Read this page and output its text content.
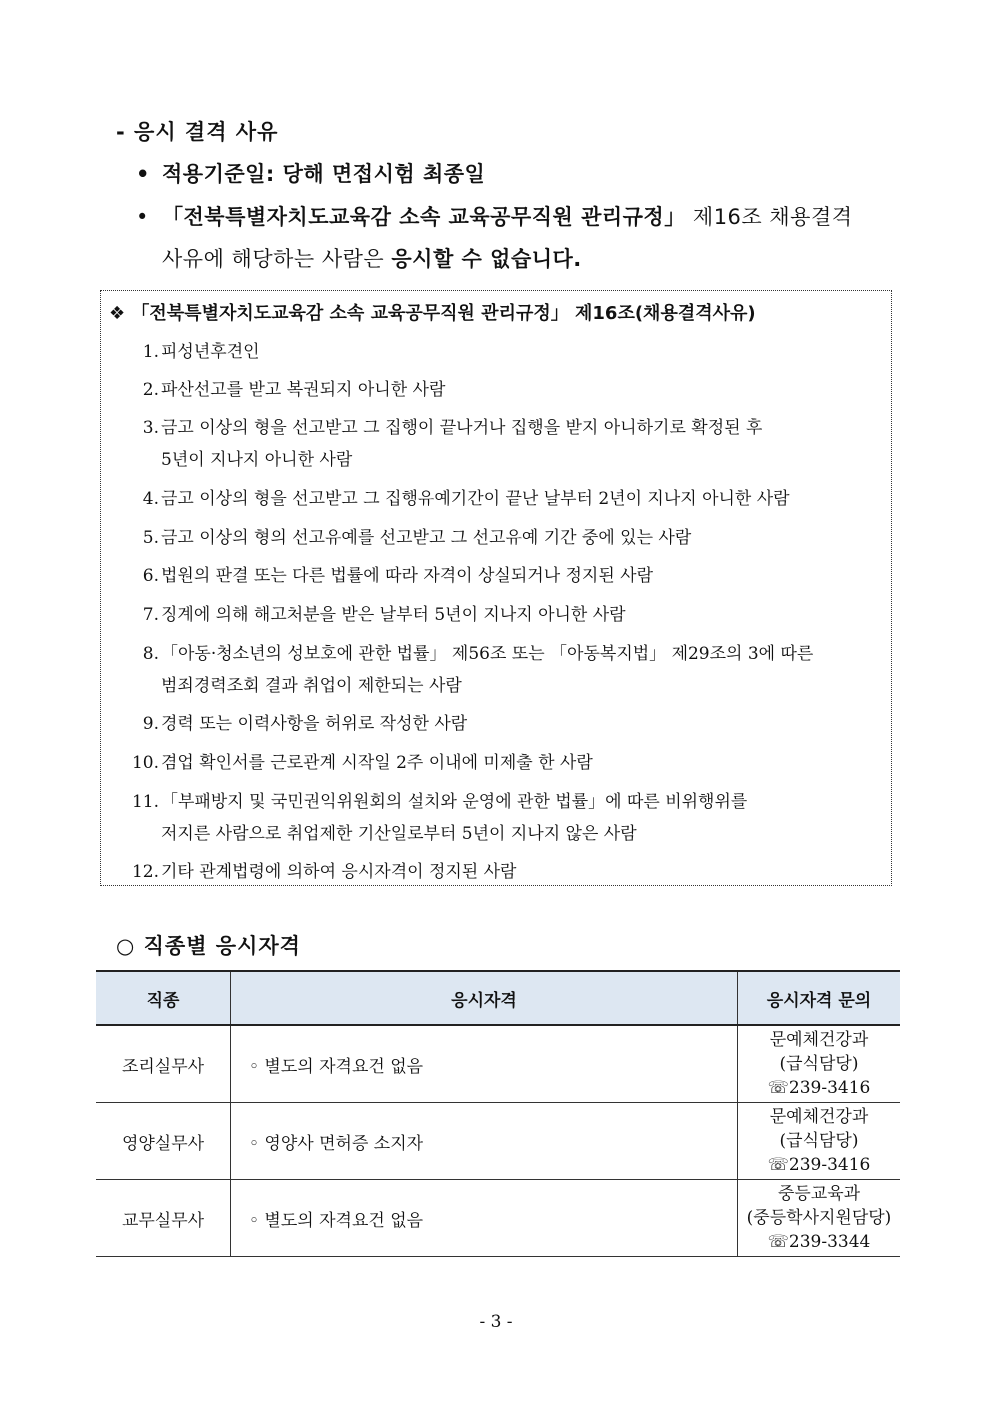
- 응시 결격 사유
• 적용기준일: 당해 면접시험 최종일
• 「전북특별자치도교육감 소속 교육공무직원 관리규정」 제16조 채용결격
사유에 해당하는 사람은 응시할 수 없습니다.
❖ 「전북특별자치도교육감 소속 교육공무직원 관리규정」 제16조(채용결격사유)
1. 피성년후견인
2. 파산선고를 받고 복권되지 아니한 사람
3. 금고 이상의 형을 선고받고 그 집행이 끝나거나 집행을 받지 아니하기로 확정된 후
5년이 지나지 아니한 사람
4. 금고 이상의 형을 선고받고 그 집행유예기간이 끝난 날부터 2년이 지나지 아니한 사람
5. 금고 이상의 형의 선고유예를 선고받고 그 선고유예 기간 중에 있는 사람
6. 법원의 판결 또는 다른 법률에 따라 자격이 상실되거나 정지된 사람
7. 징계에 의해 해고처분을 받은 날부터 5년이 지나지 아니한 사람
8. 「아동·청소년의 성보호에 관한 법률」 제56조 또는 「아동복지법」 제29조의 3에 따른
범죄경력조회 결과 취업이 제한되는 사람
9. 경력 또는 이력사항을 허위로 작성한 사람
10. 겸업 확인서를 근로관계 시작일 2주 이내에 미제출 한 사람
11. 「부패방지 및 국민권익위원회의 설치와 운영에 관한 법률」에 따른 비위행위를
저지른 사람으로 취업제한 기산일로부터 5년이 지나지 않은 사람
12. 기타 관계법령에 의하여 응시자격이 정지된 사람
○ 직종별 응시자격
직종	응시자격	응시자격 문의
조리실무사	◦ 별도의 자격요건 없음	문예체건강과
(급식담당)
☏239-3416

영양실무사	◦ 영양사 면허증 소지자	문예체건강과
(급식담당)
☏239-3416

교무실무사	◦ 별도의 자격요건 없음	중등교육과
(중등학사지원담당)
☏239-3344
- 3 -
